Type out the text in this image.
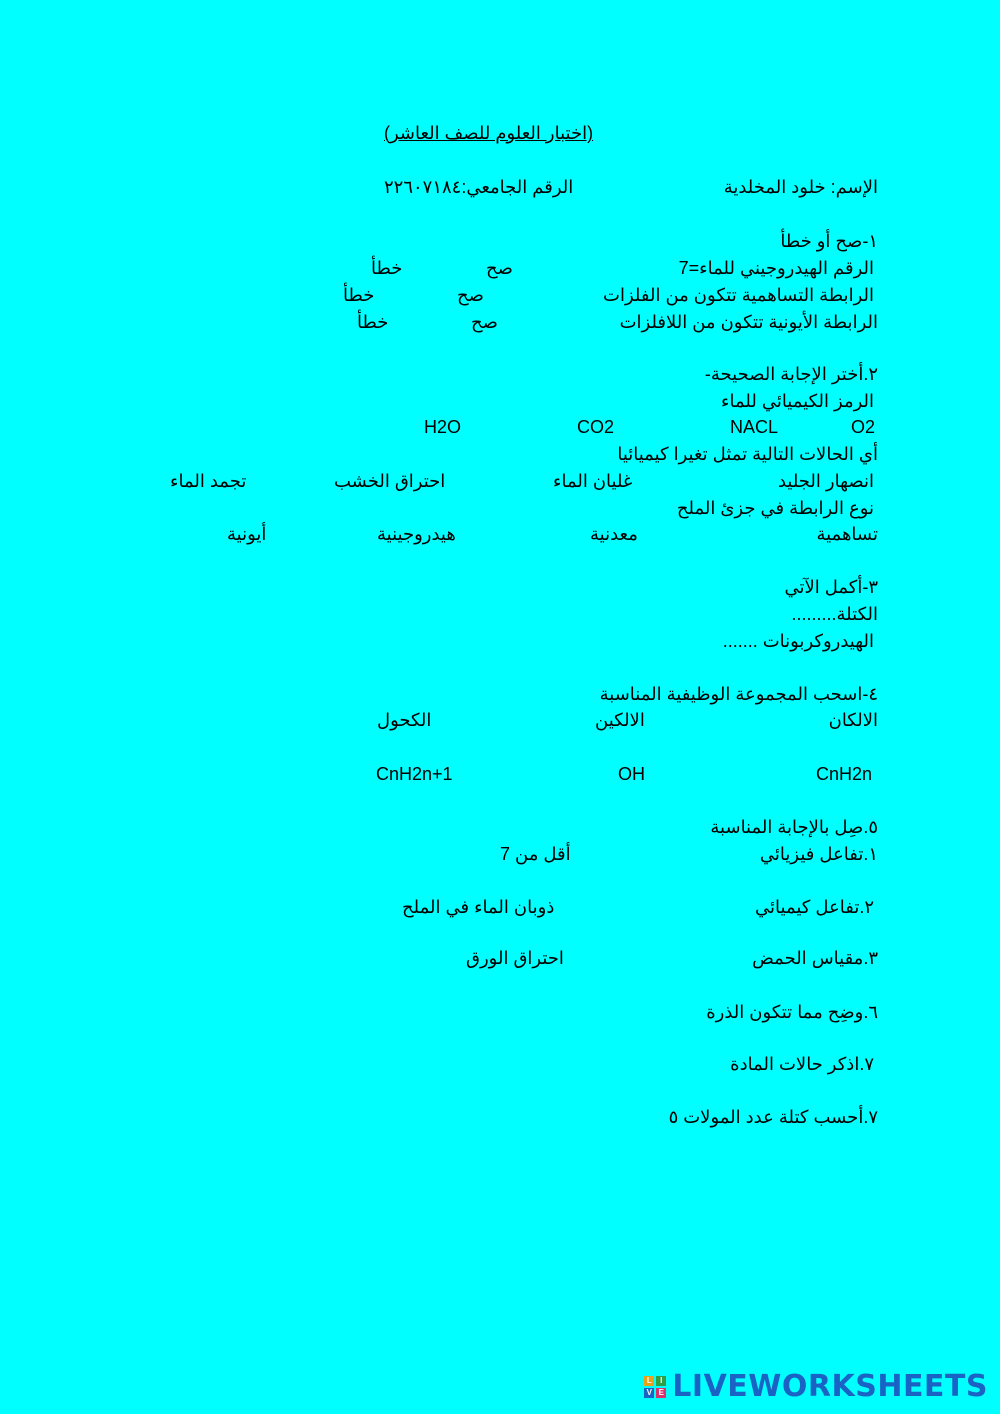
(اختبار العلوم للصف العاشر)
الإسم: خلود المخلدية
الرقم الجامعي:٢٢٦٠٧١٨٤
١-صح أو خطأ
الرقم الهيدروجيني للماء=7
صح
خطأ
الرابطة التساهمية تتكون من الفلزات
صح
خطأ
الرابطة الأيونية تتكون من اللافلزات
صح
خطأ
٢.أختر الإجابة الصحيحة-
الرمز الكيميائي للماء
O2
NACL
CO2
H2O
أي الحالات التالية تمثل تغيرا كيميائيا
انصهار الجليد
غليان الماء
احتراق الخشب
تجمد الماء
نوع الرابطة في جزئ الملح
تساهمية
معدنية
هيدروجينية
أيونية
٣-أكمل الآتي
الكتلة.........
الهيدروكربونات .......
٤-اسحب المجموعة الوظيفية المناسبة
الالكان
الالكين
الكحول
CnH2n
OH
CnH2n+1
٥.صِل بالإجابة المناسبة
١.تفاعل فيزيائي
أقل من 7
٢.تفاعل كيميائي
ذوبان الماء في الملح
٣.مقياس الحمض
احتراق الورق
٦.وضِح مما تتكون الذرة
٧.اذكر حالات المادة
٧.أحسب كتلة عدد المولات ٥
L	I
V E LIVEWORKSHEETS
